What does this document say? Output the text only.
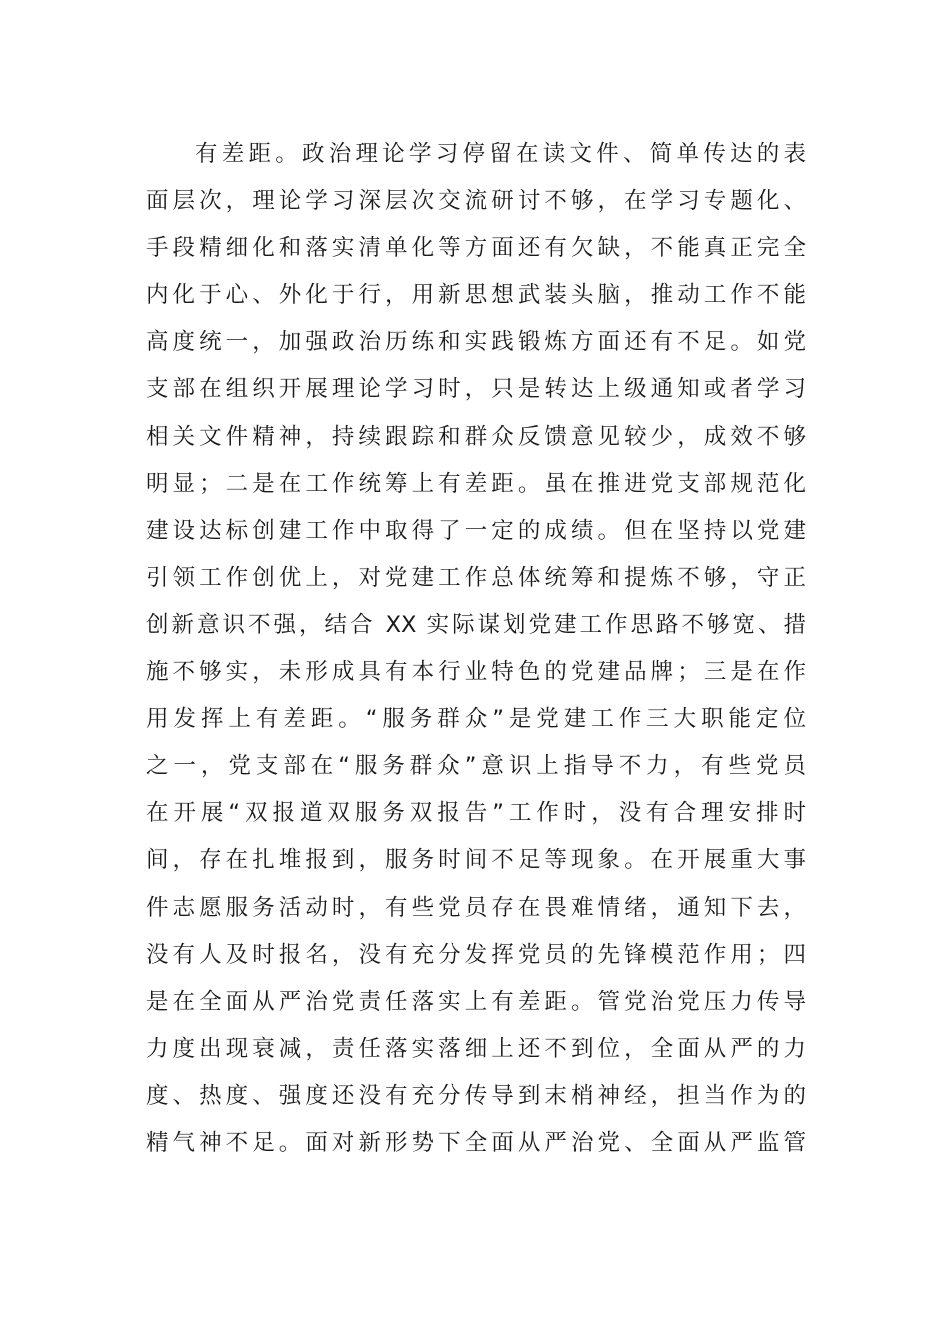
有差距。政治理论学习停留在读文件、简单传达的表
面层次，理论学习深层次交流研讨不够，在学习专题化、
手段精细化和落实清单化等方面还有欠缺，不能真正完全
内化于心、外化于行，用新思想武装头脑，推动工作不能
高度统一，加强政治历练和实践锻炼方面还有不足。如党
支部在组织开展理论学习时，只是转达上级通知或者学习
相关文件精神，持续跟踪和群众反馈意见较少，成效不够
明显；二是在工作统筹上有差距。虽在推进党支部规范化
建设达标创建工作中取得了一定的成绩。但在坚持以党建
引领工作创优上，对党建工作总体统筹和提炼不够，守正
创新意识不强，结合 XX 实际谋划党建工作思路不够宽、措
施不够实，未形成具有本行业特色的党建品牌；三是在作
用发挥上有差距。“服务群众”是党建工作三大职能定位
之一，党支部在“服务群众”意识上指导不力，有些党员
在开展“双报道双服务双报告”工作时，没有合理安排时
间，存在扎堆报到，服务时间不足等现象。在开展重大事
件志愿服务活动时，有些党员存在畏难情绪，通知下去，
没有人及时报名，没有充分发挥党员的先锋模范作用；四
是在全面从严治党责任落实上有差距。管党治党压力传导
力度出现衰减，责任落实落细上还不到位，全面从严的力
度、热度、强度还没有充分传导到末梢神经，担当作为的
精气神不足。面对新形势下全面从严治党、全面从严监管
